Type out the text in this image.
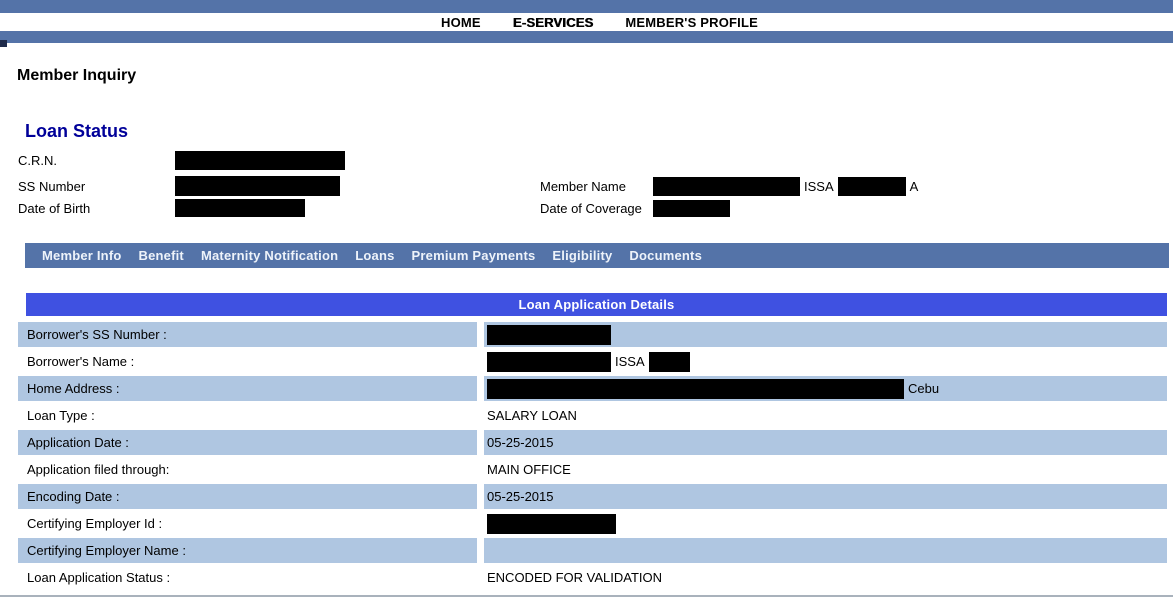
HOME E-SERVICES MEMBER'S PROFILE
Member Inquiry
Loan Status
C.R.N.
SS Number
Date of Birth
Member Name	ISSA	A
Date of Coverage
Member Info Benefit Maternity Notification Loans Premium Payments Eligibility Documents
Loan Application Details
Borrower's SS Number :
Borrower's Name :	ISSA
Home Address :	Cebu
Loan Type :	SALARY LOAN
Application Date :	05-25-2015
Application filed through:	MAIN OFFICE
Encoding Date :	05-25-2015
Certifying Employer Id :
Certifying Employer Name :
Loan Application Status :	ENCODED FOR VALIDATION
